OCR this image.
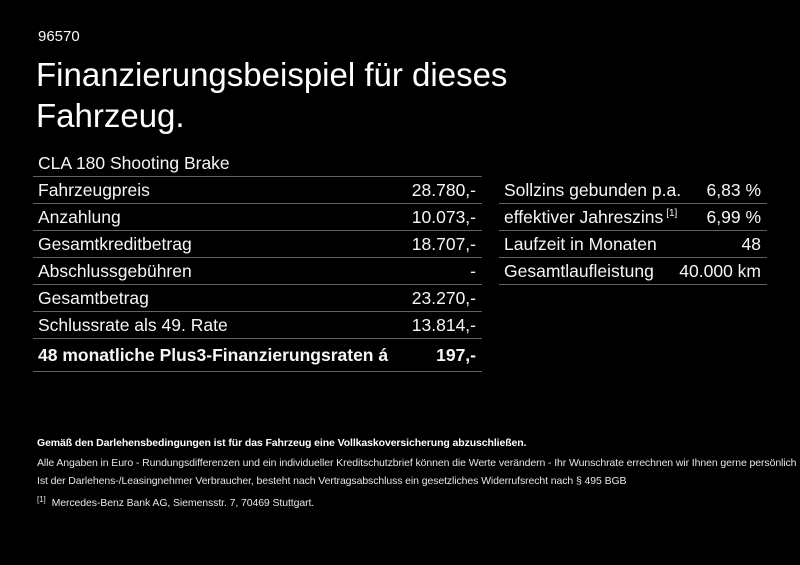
96570
Finanzierungsbeispiel für dieses Fahrzeug.
CLA 180 Shooting Brake
Fahrzeugpreis	28.780,-
Anzahlung	10.073,-
Gesamtkreditbetrag	18.707,-
Abschlussgebühren	-
Gesamtbetrag	23.270,-
Schlussrate als 49. Rate	13.814,-
48 monatliche Plus3-Finanzierungsraten á	197,-
Sollzins gebunden p.a. 6,83 %
effektiver Jahreszins [1] 6,99 %
Laufzeit in Monaten	48
Gesamtlaufleistung 40.000 km
Gemäß den Darlehensbedingungen ist für das Fahrzeug eine Vollkaskoversicherung abzuschließen.
Alle Angaben in Euro - Rundungsdifferenzen und ein individueller Kreditschutzbrief können die Werte verändern - Ihr Wunschrate errechnen wir Ihnen gerne persönlich
Ist der Darlehens-/Leasingnehmer Verbraucher, besteht nach Vertragsabschluss ein gesetzliches Widerrufsrecht nach § 495 BGB
[1] Mercedes-Benz Bank AG, Siemensstr. 7, 70469 Stuttgart.
